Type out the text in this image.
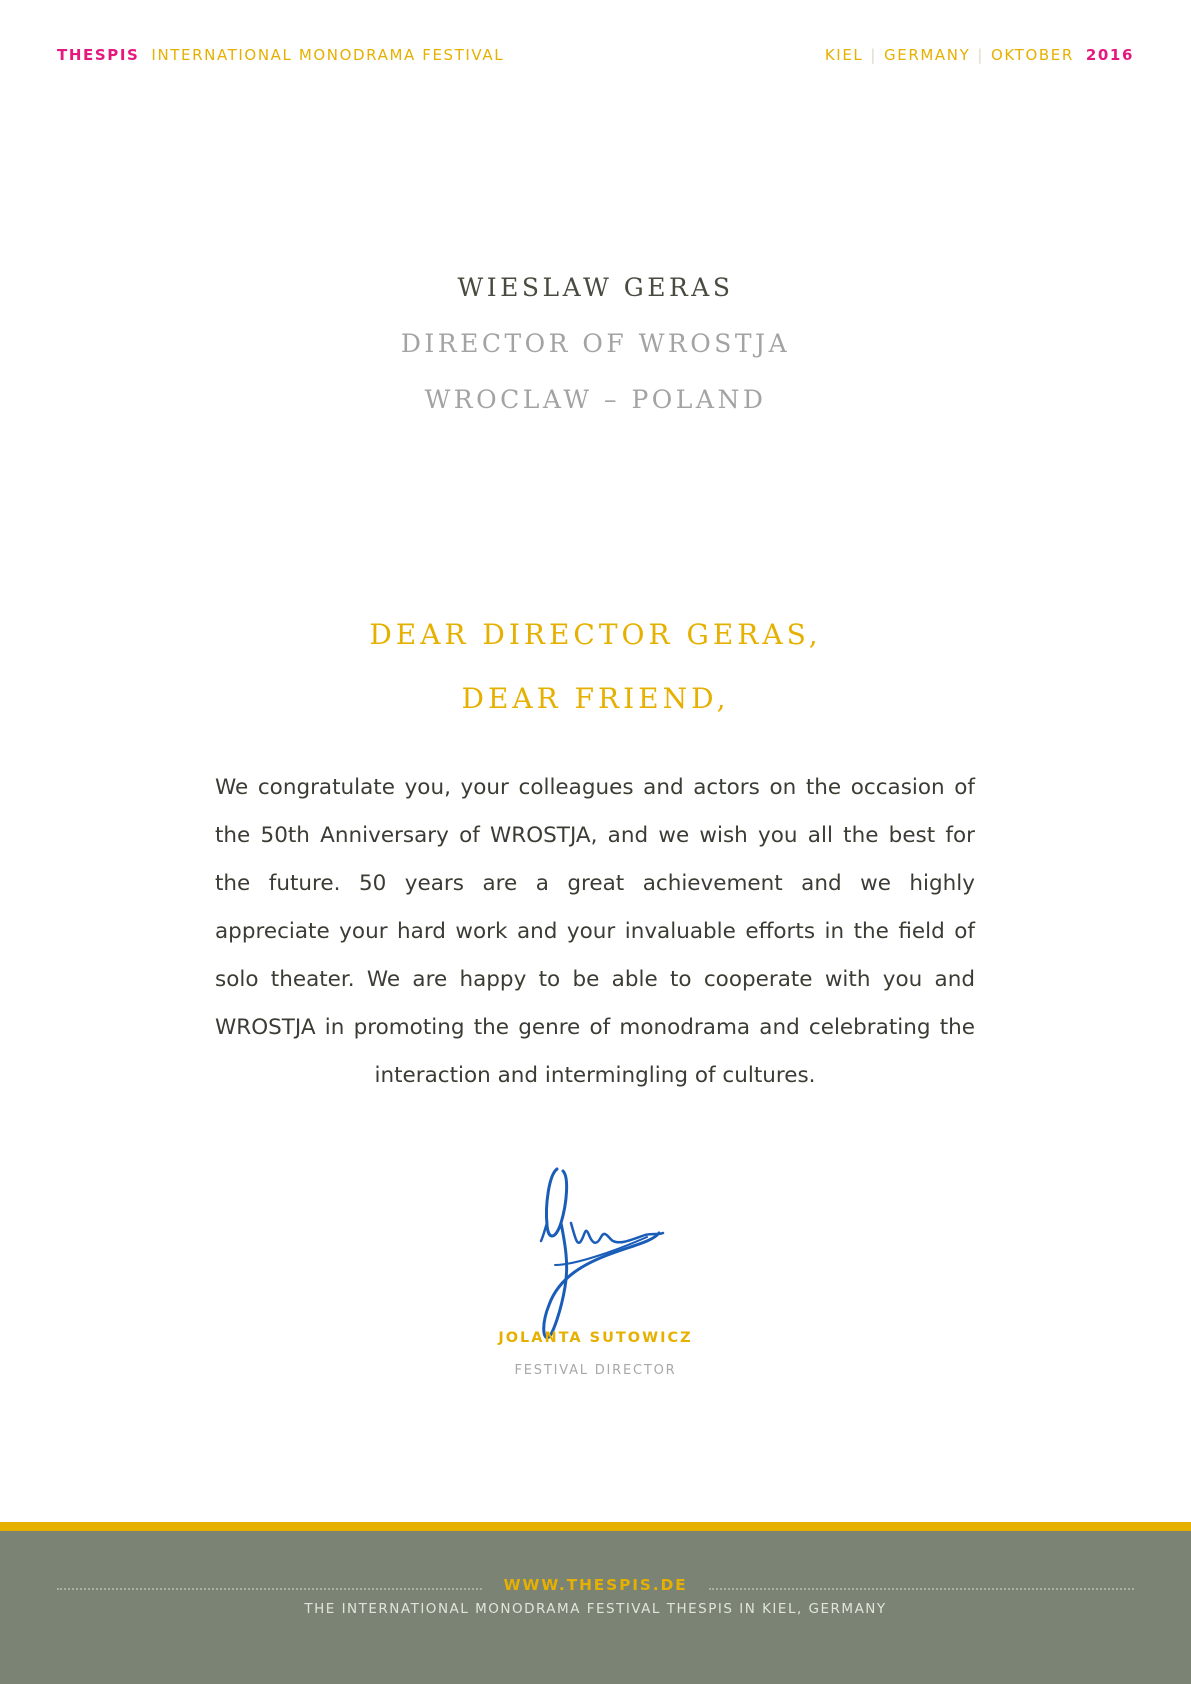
THESPIS INTERNATIONAL MONODRAMA FESTIVAL	KIEL | GERMANY | OKTOBER 2016
WIESLAW GERAS
DIRECTOR OF WROSTJA
WROCLAW – POLAND
DEAR DIRECTOR GERAS,
DEAR FRIEND,

We congratulate you, your colleagues and actors on the occasion of the 50th Anniversary of WROSTJA, and we wish you all the best for the future. 50 years are a great achievement and we highly appreciate your hard work and your invaluable efforts in the field of solo theater. We are happy to be able to cooperate with you and WROSTJA in promoting the genre of monodrama and celebrating the interaction and intermingling of cultures.

JOLANTA SUTOWICZ
FESTIVAL DIRECTOR
WWW.THESPIS.DE
THE INTERNATIONAL MONODRAMA FESTIVAL THESPIS IN KIEL, GERMANY
